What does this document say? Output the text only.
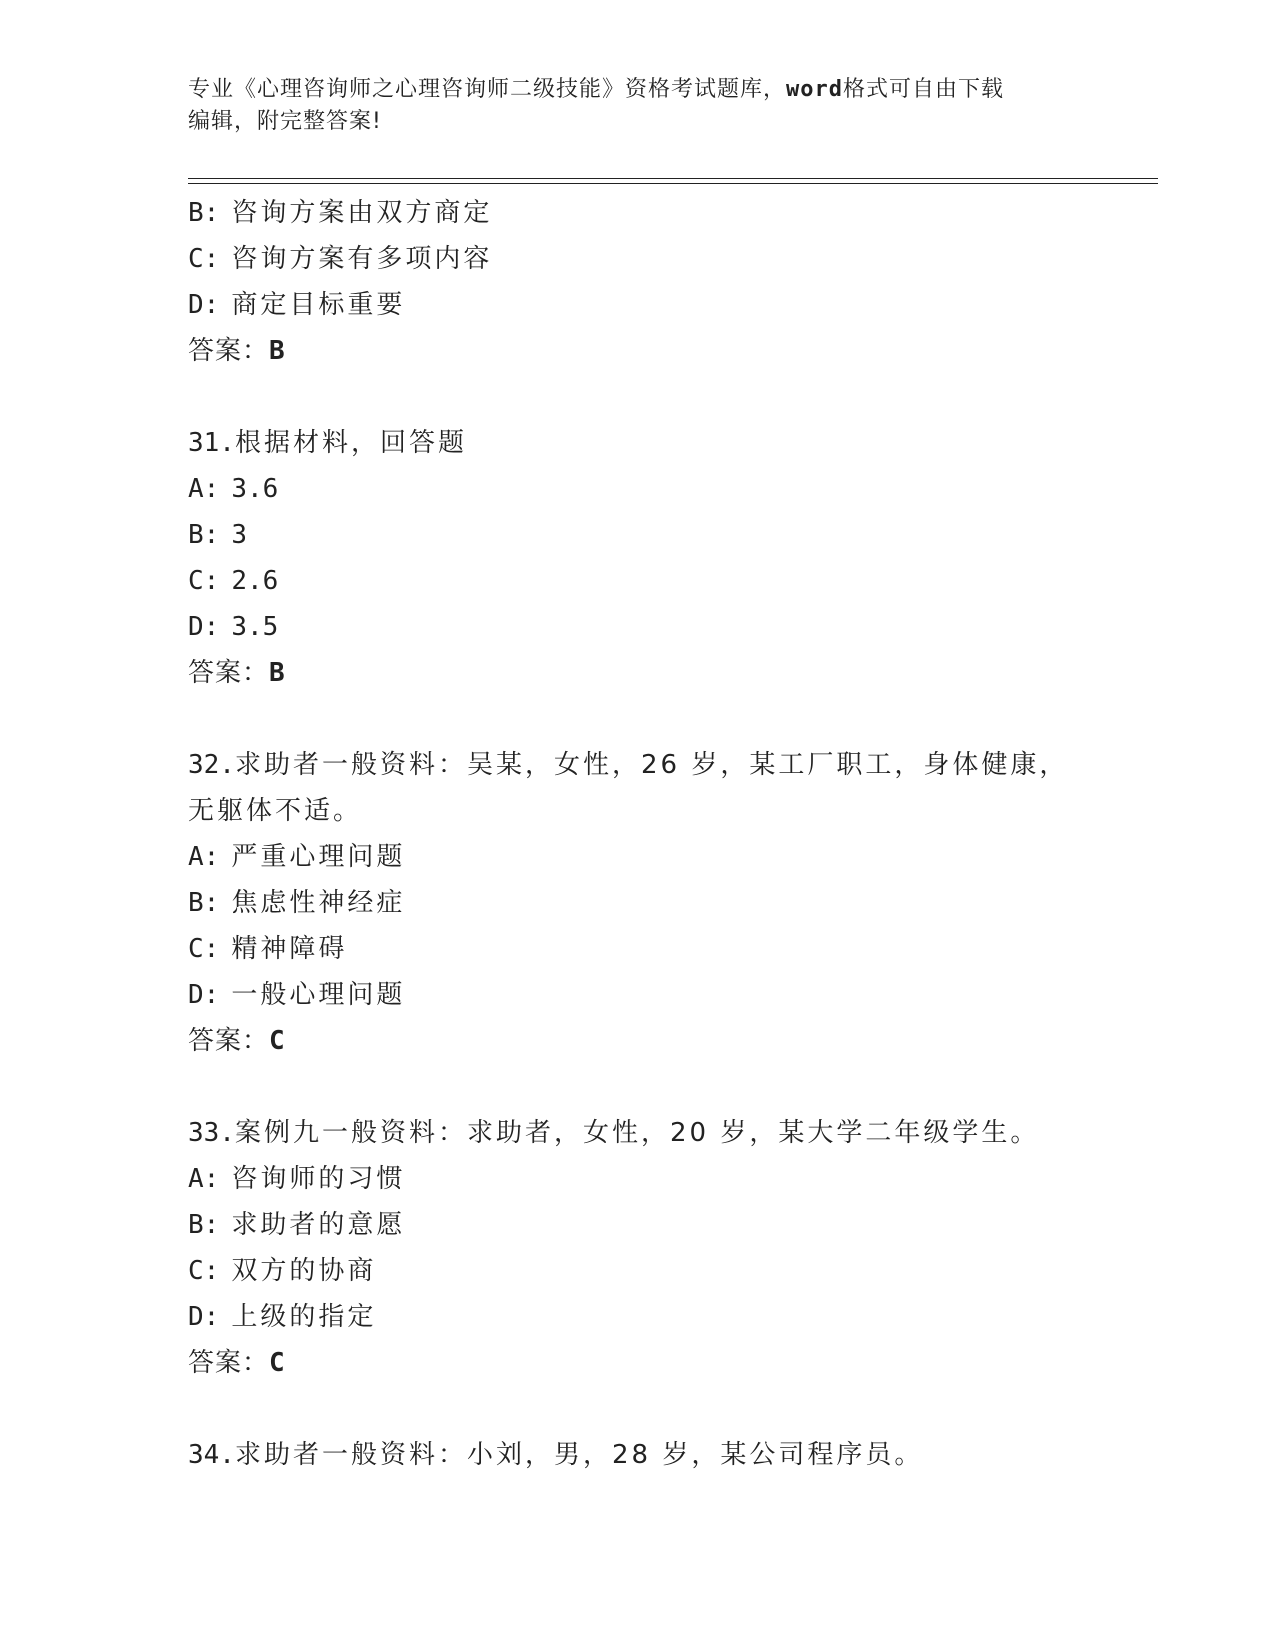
专业《心理咨询师之心理咨询师二级技能》资格考试题库，word格式可自由下载
编辑，附完整答案!
B: 咨询方案由双方商定
C: 咨询方案有多项内容
D: 商定目标重要
答案：B
31.根据材料，回答题
A: 3.6
B: 3
C: 2.6
D: 3.5
答案：B
32.求助者一般资料：吴某，女性，26 岁，某工厂职工，身体健康，无躯体不适。
A: 严重心理问题
B: 焦虑性神经症
C: 精神障碍
D: 一般心理问题
答案：C
33.案例九一般资料：求助者，女性，20 岁，某大学二年级学生。
A: 咨询师的习惯
B: 求助者的意愿
C: 双方的协商
D: 上级的指定
答案：C
34.求助者一般资料：小刘，男，28 岁，某公司程序员。
